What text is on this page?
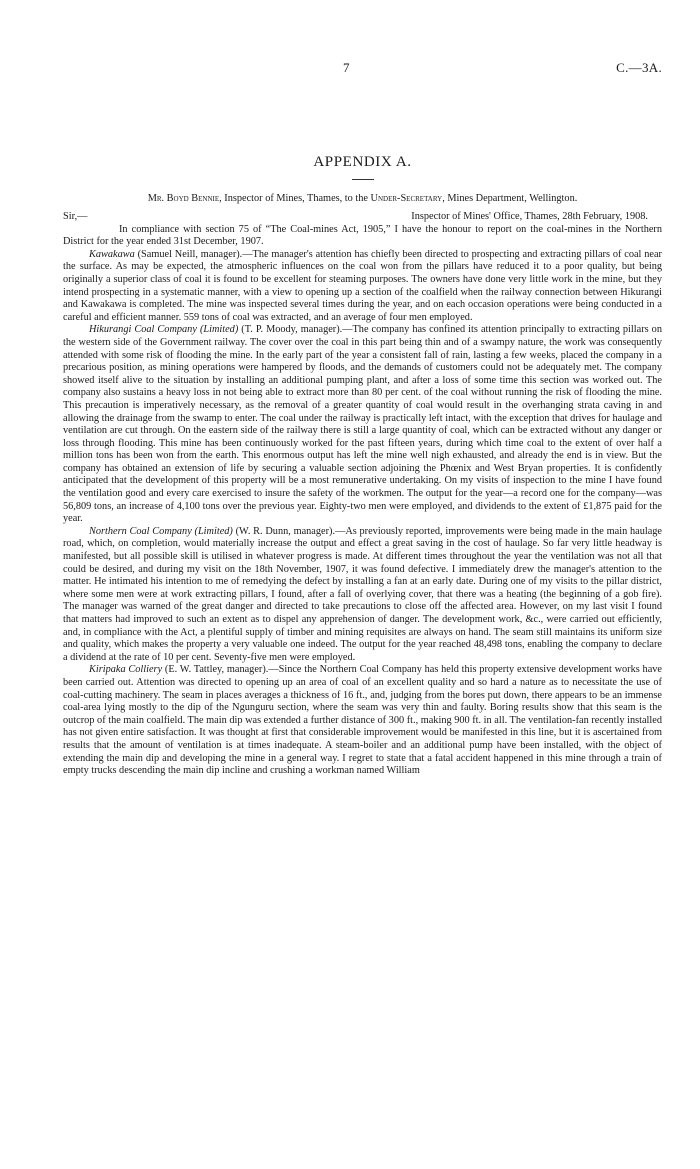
7	C.—3A.
APPENDIX A.
Mr. Boyd Bennie, Inspector of Mines, Thames, to the Under-Secretary, Mines Department, Wellington.
Sir,—	Inspector of Mines' Office, Thames, 28th February, 1908.

In compliance with section 75 of “The Coal-mines Act, 1905,” I have the honour to report on the coal-mines in the Northern District for the year ended 31st December, 1907.

Kawakawa (Samuel Neill, manager).—The manager's attention has chiefly been directed to prospecting and extracting pillars of coal near the surface. As may be expected, the atmospheric influences on the coal won from the pillars have reduced it to a poor quality, but being originally a superior class of coal it is found to be excellent for steaming purposes. The owners have done very little work in the mine, but they intend prospecting in a systematic manner, with a view to opening up a section of the coalfield when the railway connection between Hikurangi and Kawakawa is completed. The mine was inspected several times during the year, and on each occasion operations were being conducted in a careful and efficient manner. 559 tons of coal was extracted, and an average of four men employed.

Hikurangi Coal Company (Limited) (T. P. Moody, manager).—The company has confined its attention principally to extracting pillars on the western side of the Government railway. The cover over the coal in this part being thin and of a swampy nature, the work was consequently attended with some risk of flooding the mine. In the early part of the year a consistent fall of rain, lasting a few weeks, placed the company in a precarious position, as mining operations were hampered by floods, and the demands of customers could not be adequately met. The company showed itself alive to the situation by installing an additional pumping plant, and after a loss of some time this section was worked out. The company also sustains a heavy loss in not being able to extract more than 80 per cent. of the coal without running the risk of flooding the mine. This precaution is imperatively necessary, as the removal of a greater quantity of coal would result in the overhanging strata caving in and allowing the drainage from the swamp to enter. The coal under the railway is practically left intact, with the exception that drives for haulage and ventilation are cut through. On the eastern side of the railway there is still a large quantity of coal, which can be extracted without any danger or loss through flooding. This mine has been continuously worked for the past fifteen years, during which time coal to the extent of over half a million tons has been won from the earth. This enormous output has left the mine well nigh exhausted, and already the end is in view. But the company has obtained an extension of life by securing a valuable section adjoining the Phœnix and West Bryan properties. It is confidently anticipated that the development of this property will be a most remunerative undertaking. On my visits of inspection to the mine I have found the ventilation good and every care exercised to insure the safety of the workmen. The output for the year—a record one for the company—was 56,809 tons, an increase of 4,100 tons over the previous year. Eighty-two men were employed, and dividends to the extent of £1,875 paid for the year.

Northern Coal Company (Limited) (W. R. Dunn, manager).—As previously reported, improvements were being made in the main haulage road, which, on completion, would materially increase the output and effect a great saving in the cost of haulage. So far very little headway is manifested, but all possible skill is utilised in whatever progress is made. At different times throughout the year the ventilation was not all that could be desired, and during my visit on the 18th November, 1907, it was found defective. I immediately drew the manager's attention to the matter. He intimated his intention to me of remedying the defect by installing a fan at an early date. During one of my visits to the pillar district, where some men were at work extracting pillars, I found, after a fall of overlying cover, that there was a heating (the beginning of a gob fire). The manager was warned of the great danger and directed to take precautions to close off the affected area. However, on my last visit I found that matters had improved to such an extent as to dispel any apprehension of danger. The development work, &c., were carried out efficiently, and, in compliance with the Act, a plentiful supply of timber and mining requisites are always on hand. The seam still maintains its uniform size and quality, which makes the property a very valuable one indeed. The output for the year reached 48,498 tons, enabling the company to declare a dividend at the rate of 10 per cent. Seventy-five men were employed.

Kiripaka Colliery (E. W. Tattley, manager).—Since the Northern Coal Company has held this property extensive development works have been carried out. Attention was directed to opening up an area of coal of an excellent quality and so hard a nature as to necessitate the use of coal-cutting machinery. The seam in places averages a thickness of 16 ft., and, judging from the bores put down, there appears to be an immense coal-area lying mostly to the dip of the Ngunguru section, where the seam was very thin and faulty. Boring results show that this seam is the outcrop of the main coalfield. The main dip was extended a further distance of 300 ft., making 900 ft. in all. The ventilation-fan recently installed has not given entire satisfaction. It was thought at first that considerable improvement would be manifested in this line, but it is ascertained from results that the amount of ventilation is at times inadequate. A steam-boiler and an additional pump have been installed, with the object of extending the main dip and developing the mine in a general way. I regret to state that a fatal accident happened in this mine through a train of empty trucks descending the main dip incline and crushing a workman named William
